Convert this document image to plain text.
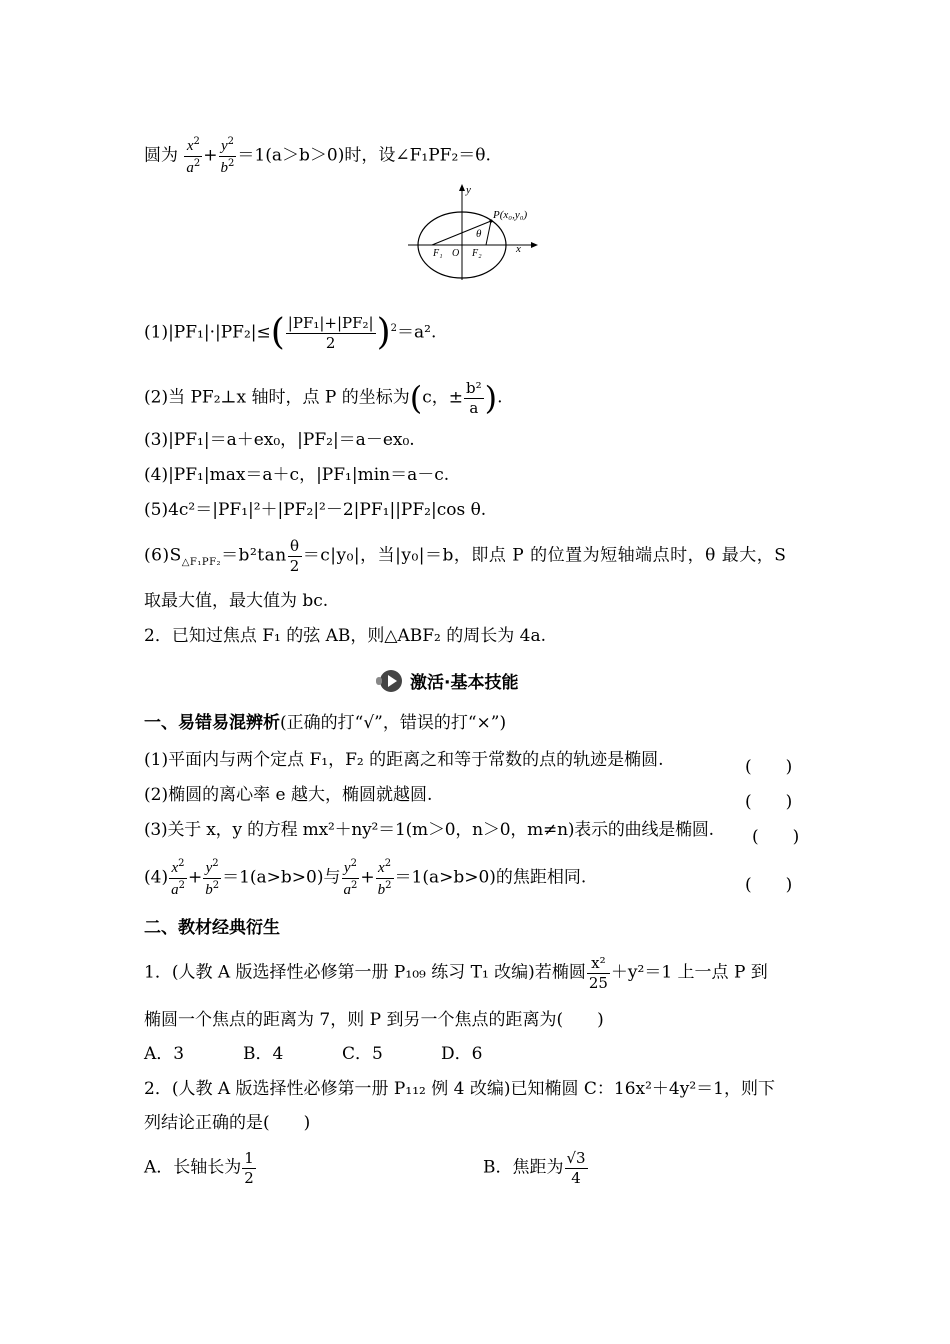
圆为 $\frac{x^2}{a^2} + \frac{y^2}{b^2} =1(a>b>0)$时，设∠F₁PF₂＝θ.
P(x₀,y₀)
θ
F₁ O F₂	x
y
$(1)|PF_1|\cdot|PF_2|\le( \frac{\text{|PF₁|+|PF₂|}}{2} )^2=a^2$.
(2)当 PF₂⊥x 轴时，点 P 的坐标为(c，± $\frac{\text{b²}}{a}$ ).
(3)|PF₁|＝a＋ex₀，|PF₂|＝a－ex₀.
(4)|PF₁|max＝a＋c，|PF₁|min＝a－c.
(5)4c²＝|PF₁|²＋|PF₂|²－2|PF₁||PF₂|cos θ.
$(6)S_{\triangle F_1PF_2}=b^2\tan \frac{\theta}{2} =c|y_0|$，当|y₀|＝b，即点 P 的位置为短轴端点时，θ 最大，S
取最大值，最大值为 bc.
2．已知过焦点 F₁ 的弦 AB，则△ABF₂ 的周长为 4a.
激活·基本技能
一、易错易混辨析(正确的打“√”，错误的打“×”)
(1)平面内与两个定点 F₁，F₂ 的距离之和等于常数的点的轨迹是椭圆.	(　　)
(2)椭圆的离心率 e 越大，椭圆就越圆.	(　　)
(3)关于 x，y 的方程 mx²＋ny²＝1(m＞0，n＞0，m≠n)表示的曲线是椭圆. (　　)
$(4) \frac{x^2}{a^2} + \frac{y^2}{b^2} =1(a>b>0)$与 $\frac{y^2}{a^2} + \frac{x^2}{b^2} =1(a>b>0)$的焦距相同.	(　　)
二、教材经典衍生
1．(人教 A 版选择性必修第一册 P₁₀₉ 练习 T₁ 改编)若椭圆 $\frac{\text{x²}}{25} +y^2=1$ 上一点 P 到
椭圆一个焦点的距离为 7，则 P 到另一个焦点的距离为(　　)
A．3	B．4	C．5	D．6
2．(人教 A 版选择性必修第一册 P₁₁₂ 例 4 改编)已知椭圆 C：16x²＋4y²＝1，则下
列结论正确的是(　　)
A．长轴长为 $\frac{1}{2}$	B．焦距为 $\frac{√3}{4}$
